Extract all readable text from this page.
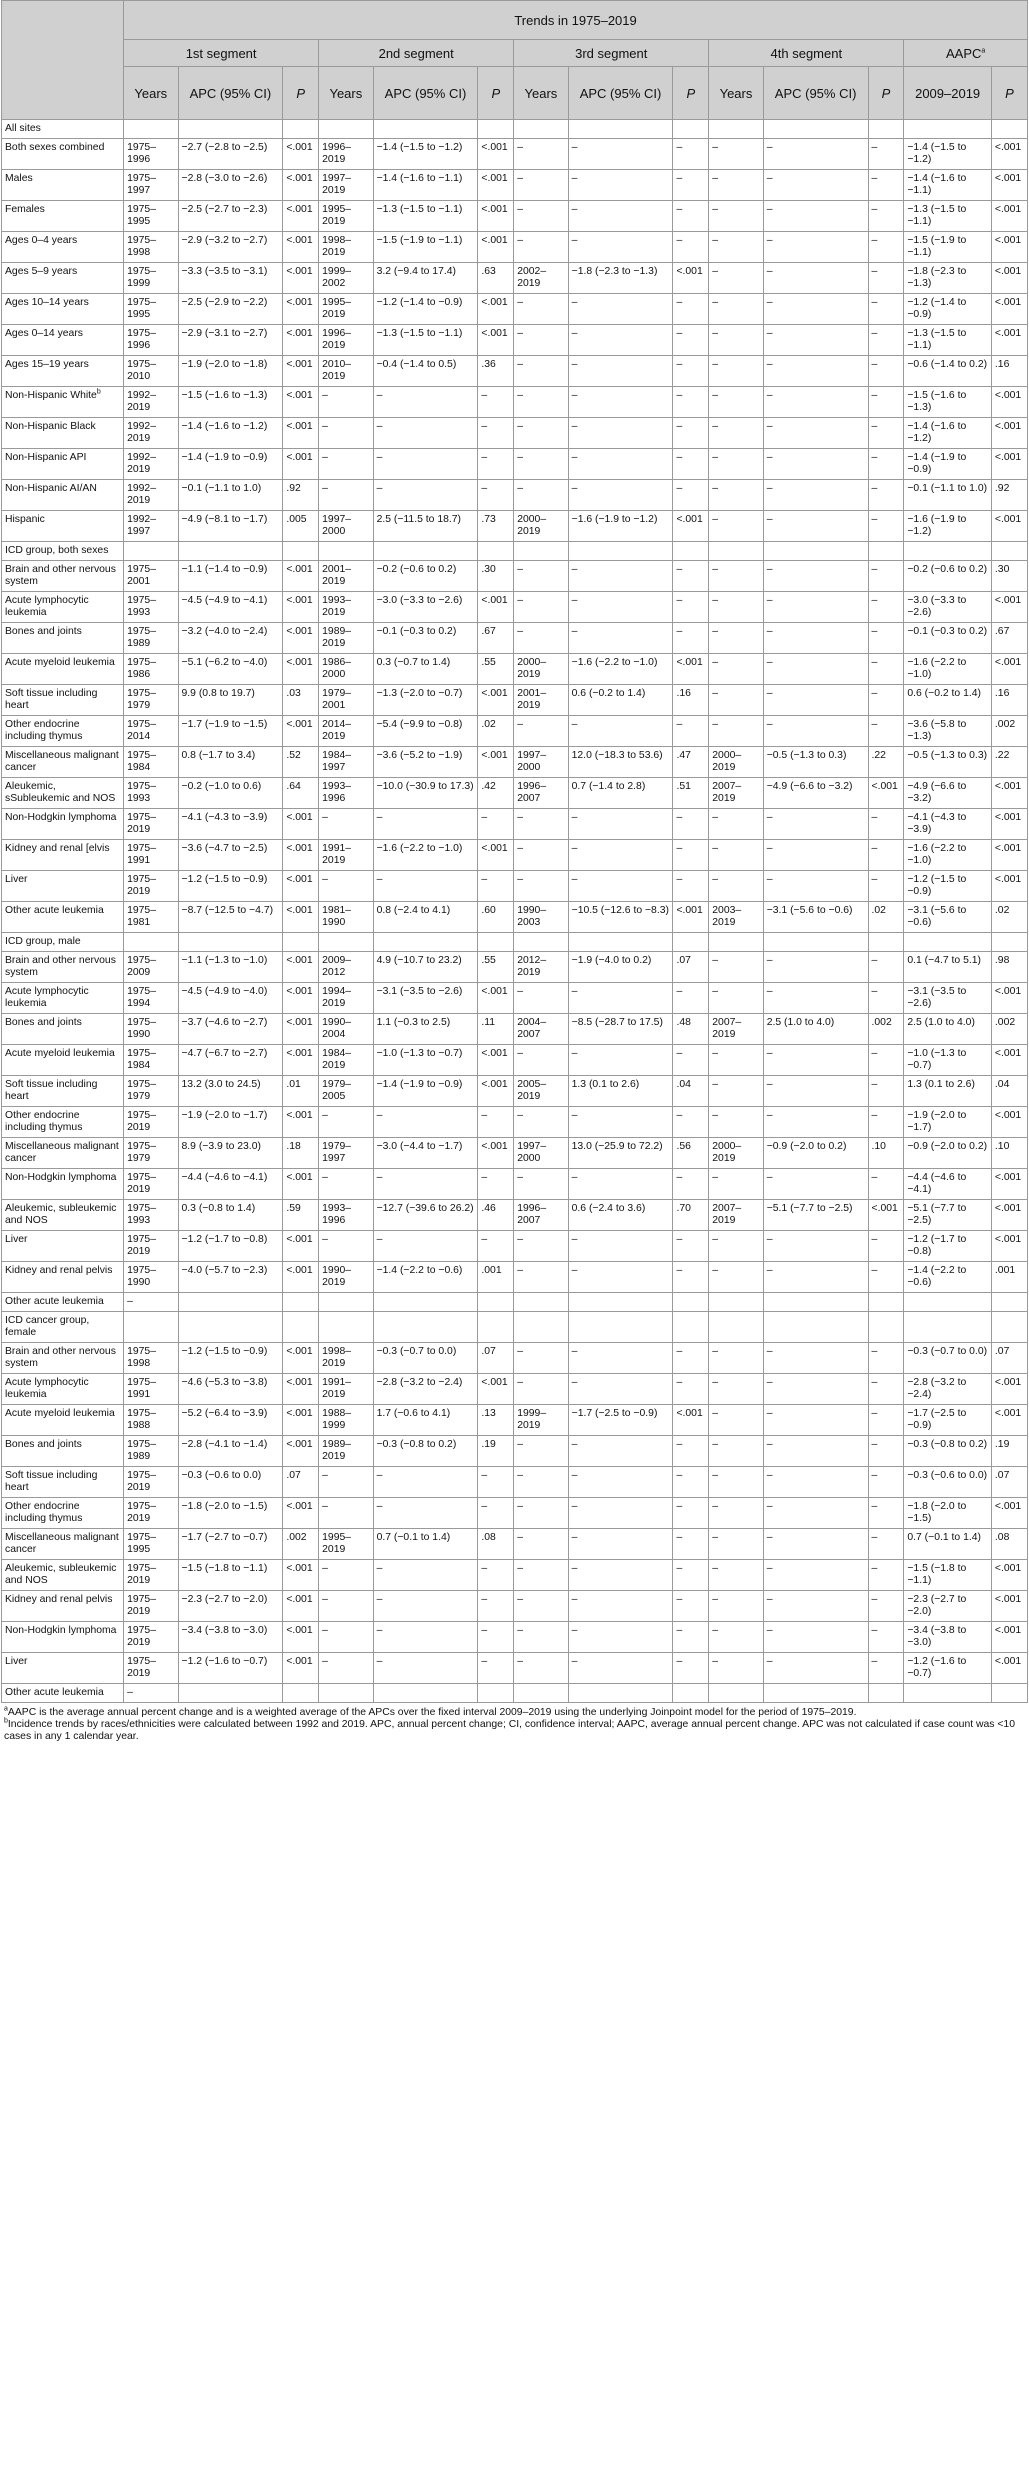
	Trends in 1975–2019													
	1st segment			2nd segment			3rd segment			4th segment			AAPC$^a$
	Years	APC (95% CI)	P	Years	APC (95% CI)	P	Years	APC (95% CI)	P	Years	APC (95% CI)	P	2009–2019	P
All sites														
Both sexes combined	1975–1996	−2.7 (−2.8 to −2.5)	<.001	1996–2019	−1.4 (−1.5 to −1.2)	<.001	–	–	–	–	–	–	−1.4 (−1.5 to −1.2)	<.001
Males	1975–1997	−2.8 (−3.0 to −2.6)	<.001	1997–2019	−1.4 (−1.6 to −1.1)	<.001	–	–	–	–	–	–	−1.4 (−1.6 to −1.1)	<.001
Females	1975–1995	−2.5 (−2.7 to −2.3)	<.001	1995–2019	−1.3 (−1.5 to −1.1)	<.001	–	–	–	–	–	–	−1.3 (−1.5 to −1.1)	<.001
Ages 0–4 years	1975–1998	−2.9 (−3.2 to −2.7)	<.001	1998–2019	−1.5 (−1.9 to −1.1)	<.001	–	–	–	–	–	–	−1.5 (−1.9 to −1.1)	<.001
Ages 5–9 years	1975–1999	−3.3 (−3.5 to −3.1)	<.001	1999–2002	3.2 (−9.4 to 17.4)	.63	2002–2019	−1.8 (−2.3 to −1.3)	<.001	–	–	–	−1.8 (−2.3 to −1.3)	<.001
Ages 10–14 years	1975–1995	−2.5 (−2.9 to −2.2)	<.001	1995–2019	−1.2 (−1.4 to −0.9)	<.001	–	–	–	–	–	–	−1.2 (−1.4 to −0.9)	<.001
Ages 0–14 years	1975–1996	−2.9 (−3.1 to −2.7)	<.001	1996–2019	−1.3 (−1.5 to −1.1)	<.001	–	–	–	–	–	–	−1.3 (−1.5 to −1.1)	<.001
Ages 15–19 years	1975–2010	−1.9 (−2.0 to −1.8)	<.001	2010–2019	−0.4 (−1.4 to 0.5)	.36	–	–	–	–	–	–	−0.6 (−1.4 to 0.2)	.16
Non-Hispanic White$^b$	1992–2019	−1.5 (−1.6 to −1.3)	<.001	–	–	–	–	–	–	–	–	–	−1.5 (−1.6 to −1.3)	<.001
Non-Hispanic Black	1992–2019	−1.4 (−1.6 to −1.2)	<.001	–	–	–	–	–	–	–	–	–	−1.4 (−1.6 to −1.2)	<.001
Non-Hispanic API	1992–2019	−1.4 (−1.9 to −0.9)	<.001	–	–	–	–	–	–	–	–	–	−1.4 (−1.9 to −0.9)	<.001
Non-Hispanic AI/AN	1992–2019	−0.1 (−1.1 to 1.0)	.92	–	–	–	–	–	–	–	–	–	−0.1 (−1.1 to 1.0)	.92
Hispanic	1992–1997	−4.9 (−8.1 to −1.7)	.005	1997–2000	2.5 (−11.5 to 18.7)	.73	2000–2019	−1.6 (−1.9 to −1.2)	<.001	–	–	–	−1.6 (−1.9 to −1.2)	<.001
ICD group, both sexes														
Brain and other nervous system	1975–2001	−1.1 (−1.4 to −0.9)	<.001	2001–2019	−0.2 (−0.6 to 0.2)	.30	–	–	–	–	–	–	−0.2 (−0.6 to 0.2)	.30
Acute lymphocytic leukemia	1975–1993	−4.5 (−4.9 to −4.1)	<.001	1993–2019	−3.0 (−3.3 to −2.6)	<.001	–	–	–	–	–	–	−3.0 (−3.3 to −2.6)	<.001
Bones and joints	1975–1989	−3.2 (−4.0 to −2.4)	<.001	1989–2019	−0.1 (−0.3 to 0.2)	.67	–	–	–	–	–	–	−0.1 (−0.3 to 0.2)	.67
Acute myeloid leukemia	1975–1986	−5.1 (−6.2 to −4.0)	<.001	1986–2000	0.3 (−0.7 to 1.4)	.55	2000–2019	−1.6 (−2.2 to −1.0)	<.001	–	–	–	−1.6 (−2.2 to −1.0)	<.001
Soft tissue including heart	1975–1979	9.9 (0.8 to 19.7)	.03	1979–2001	−1.3 (−2.0 to −0.7)	<.001	2001–2019	0.6 (−0.2 to 1.4)	.16	–	–	–	0.6 (−0.2 to 1.4)	.16
Other endocrine including thymus	1975–2014	−1.7 (−1.9 to −1.5)	<.001	2014–2019	−5.4 (−9.9 to −0.8)	.02	–	–	–	–	–	–	−3.6 (−5.8 to −1.3)	.002
Miscellaneous malignant cancer	1975–1984	0.8 (−1.7 to 3.4)	.52	1984–1997	−3.6 (−5.2 to −1.9)	<.001	1997–2000	12.0 (−18.3 to 53.6)	.47	2000–2019	−0.5 (−1.3 to 0.3)	.22	−0.5 (−1.3 to 0.3)	.22
Aleukemic, sSubleukemic and NOS	1975–1993	−0.2 (−1.0 to 0.6)	.64	1993–1996	−10.0 (−30.9 to 17.3)	.42	1996–2007	0.7 (−1.4 to 2.8)	.51	2007–2019	−4.9 (−6.6 to −3.2)	<.001	−4.9 (−6.6 to −3.2)	<.001
Non-Hodgkin lymphoma	1975–2019	−4.1 (−4.3 to −3.9)	<.001	–	–	–	–	–	–	–	–	–	−4.1 (−4.3 to −3.9)	<.001
Kidney and renal [elvis	1975–1991	−3.6 (−4.7 to −2.5)	<.001	1991–2019	−1.6 (−2.2 to −1.0)	<.001	–	–	–	–	–	–	−1.6 (−2.2 to −1.0)	<.001
Liver	1975–2019	−1.2 (−1.5 to −0.9)	<.001	–	–	–	–	–	–	–	–	–	−1.2 (−1.5 to −0.9)	<.001
Other acute leukemia	1975–1981	−8.7 (−12.5 to −4.7)	<.001	1981–1990	0.8 (−2.4 to 4.1)	.60	1990–2003	−10.5 (−12.6 to −8.3)	<.001	2003–2019	−3.1 (−5.6 to −0.6)	.02	−3.1 (−5.6 to −0.6)	.02
ICD group, male														
Brain and other nervous system	1975–2009	−1.1 (−1.3 to −1.0)	<.001	2009–2012	4.9 (−10.7 to 23.2)	.55	2012–2019	−1.9 (−4.0 to 0.2)	.07	–	–	–	0.1 (−4.7 to 5.1)	.98
Acute lymphocytic leukemia	1975–1994	−4.5 (−4.9 to −4.0)	<.001	1994–2019	−3.1 (−3.5 to −2.6)	<.001	–	–	–	–	–	–	−3.1 (−3.5 to −2.6)	<.001
Bones and joints	1975–1990	−3.7 (−4.6 to −2.7)	<.001	1990–2004	1.1 (−0.3 to 2.5)	.11	2004–2007	−8.5 (−28.7 to 17.5)	.48	2007–2019	2.5 (1.0 to 4.0)	.002	2.5 (1.0 to 4.0)	.002
Acute myeloid leukemia	1975–1984	−4.7 (−6.7 to −2.7)	<.001	1984–2019	−1.0 (−1.3 to −0.7)	<.001	–	–	–	–	–	–	−1.0 (−1.3 to −0.7)	<.001
Soft tissue including heart	1975–1979	13.2 (3.0 to 24.5)	.01	1979–2005	−1.4 (−1.9 to −0.9)	<.001	2005–2019	1.3 (0.1 to 2.6)	.04	–	–	–	1.3 (0.1 to 2.6)	.04
Other endocrine including thymus	1975–2019	−1.9 (−2.0 to −1.7)	<.001	–	–	–	–	–	–	–	–	–	−1.9 (−2.0 to −1.7)	<.001
Miscellaneous malignant cancer	1975–1979	8.9 (−3.9 to 23.0)	.18	1979–1997	−3.0 (−4.4 to −1.7)	<.001	1997–2000	13.0 (−25.9 to 72.2)	.56	2000–2019	−0.9 (−2.0 to 0.2)	.10	−0.9 (−2.0 to 0.2)	.10
Non-Hodgkin lymphoma	1975–2019	−4.4 (−4.6 to −4.1)	<.001	–	–	–	–	–	–	–	–	–	−4.4 (−4.6 to −4.1)	<.001
Aleukemic, subleukemic and NOS	1975–1993	0.3 (−0.8 to 1.4)	.59	1993–1996	−12.7 (−39.6 to 26.2)	.46	1996–2007	0.6 (−2.4 to 3.6)	.70	2007–2019	−5.1 (−7.7 to −2.5)	<.001	−5.1 (−7.7 to −2.5)	<.001
Liver	1975–2019	−1.2 (−1.7 to −0.8)	<.001	–	–	–	–	–	–	–	–	–	−1.2 (−1.7 to −0.8)	<.001
Kidney and renal pelvis	1975–1990	−4.0 (−5.7 to −2.3)	<.001	1990–2019	−1.4 (−2.2 to −0.6)	.001	–	–	–	–	–	–	−1.4 (−2.2 to −0.6)	.001
Other acute leukemia	–													
ICD cancer group, female														
Brain and other nervous system	1975–1998	−1.2 (−1.5 to −0.9)	<.001	1998–2019	−0.3 (−0.7 to 0.0)	.07	–	–	–	–	–	–	−0.3 (−0.7 to 0.0)	.07
Acute lymphocytic leukemia	1975–1991	−4.6 (−5.3 to −3.8)	<.001	1991–2019	−2.8 (−3.2 to −2.4)	<.001	–	–	–	–	–	–	−2.8 (−3.2 to −2.4)	<.001
Acute myeloid leukemia	1975–1988	−5.2 (−6.4 to −3.9)	<.001	1988–1999	1.7 (−0.6 to 4.1)	.13	1999–2019	−1.7 (−2.5 to −0.9)	<.001	–	–	–	−1.7 (−2.5 to −0.9)	<.001
Bones and joints	1975–1989	−2.8 (−4.1 to −1.4)	<.001	1989–2019	−0.3 (−0.8 to 0.2)	.19	–	–	–	–	–	–	−0.3 (−0.8 to 0.2)	.19
Soft tissue including heart	1975–2019	−0.3 (−0.6 to 0.0)	.07	–	–	–	–	–	–	–	–	–	−0.3 (−0.6 to 0.0)	.07
Other endocrine including thymus	1975–2019	−1.8 (−2.0 to −1.5)	<.001	–	–	–	–	–	–	–	–	–	−1.8 (−2.0 to −1.5)	<.001
Miscellaneous malignant cancer	1975–1995	−1.7 (−2.7 to −0.7)	.002	1995–2019	0.7 (−0.1 to 1.4)	.08	–	–	–	–	–	–	0.7 (−0.1 to 1.4)	.08
Aleukemic, subleukemic and NOS	1975–2019	−1.5 (−1.8 to −1.1)	<.001	–	–	–	–	–	–	–	–	–	−1.5 (−1.8 to −1.1)	<.001
Kidney and renal pelvis	1975–2019	−2.3 (−2.7 to −2.0)	<.001	–	–	–	–	–	–	–	–	–	−2.3 (−2.7 to −2.0)	<.001
Non-Hodgkin lymphoma	1975–2019	−3.4 (−3.8 to −3.0)	<.001	–	–	–	–	–	–	–	–	–	−3.4 (−3.8 to −3.0)	<.001
Liver	1975–2019	−1.2 (−1.6 to −0.7)	<.001	–	–	–	–	–	–	–	–	–	−1.2 (−1.6 to −0.7)	<.001
Other acute leukemia	–													

$^a$AAPC is the average annual percent change and is a weighted average of the APCs over the fixed interval 2009–2019 using the underlying Joinpoint model for the period of 1975–2019.

$^b$Incidence trends by races/ethnicities were calculated between 1992 and 2019. APC, annual percent change; CI, confidence interval; AAPC, average annual percent change. APC was not calculated if case count was <10 cases in any 1 calendar year.
